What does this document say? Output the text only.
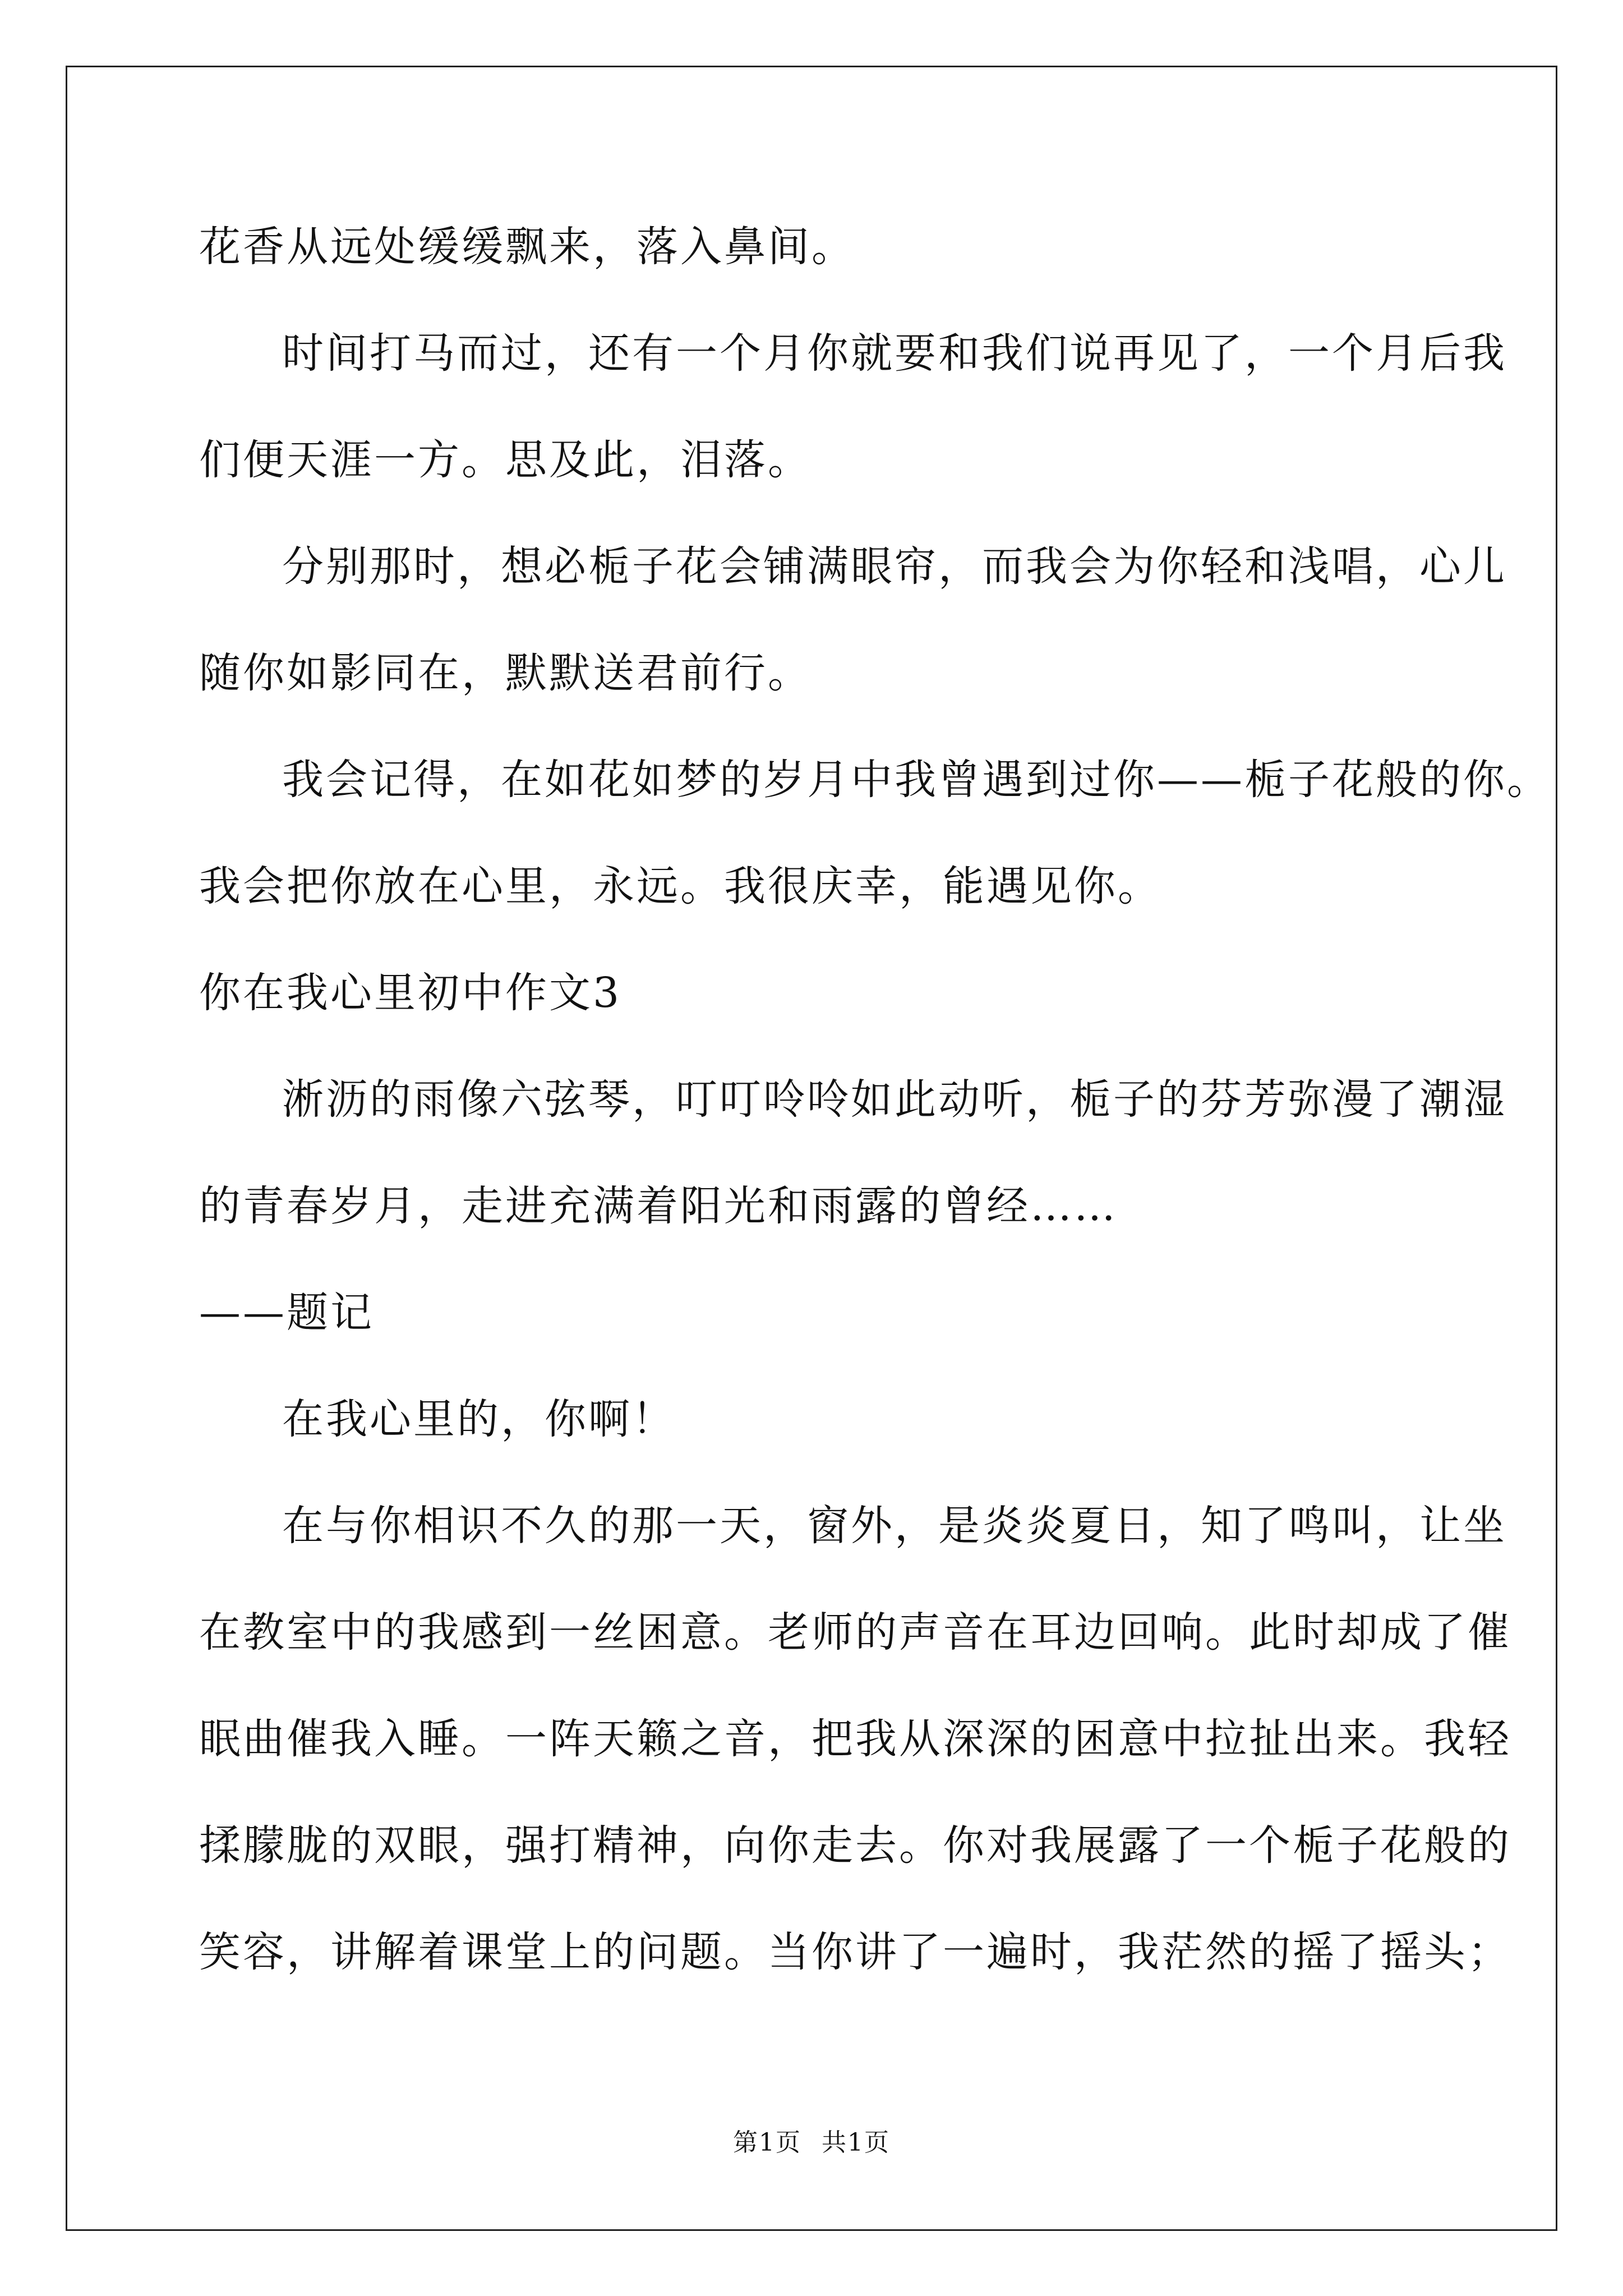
花香从远处缓缓飘来，落入鼻间。
时间打马而过，还有一个月你就要和我们说再见了，一个月后我
们便天涯一方。思及此，泪落。
分别那时，想必栀子花会铺满眼帘，而我会为你轻和浅唱，心儿
随你如影同在，默默送君前行。
我会记得，在如花如梦的岁月中我曾遇到过你——栀子花般的你。
我会把你放在心里，永远。我很庆幸，能遇见你。
你在我心里初中作文3
淅沥的雨像六弦琴，叮叮呤呤如此动听，栀子的芬芳弥漫了潮湿
的青春岁月，走进充满着阳光和雨露的曾经……
——题记
在我心里的，你啊！
在与你相识不久的那一天，窗外，是炎炎夏日，知了鸣叫，让坐
在教室中的我感到一丝困意。老师的声音在耳边回响。此时却成了催
眠曲催我入睡。一阵天籁之音，把我从深深的困意中拉扯出来。我轻
揉朦胧的双眼，强打精神，向你走去。你对我展露了一个栀子花般的
笑容，讲解着课堂上的问题。当你讲了一遍时，我茫然的摇了摇头；
第1页 共1页
